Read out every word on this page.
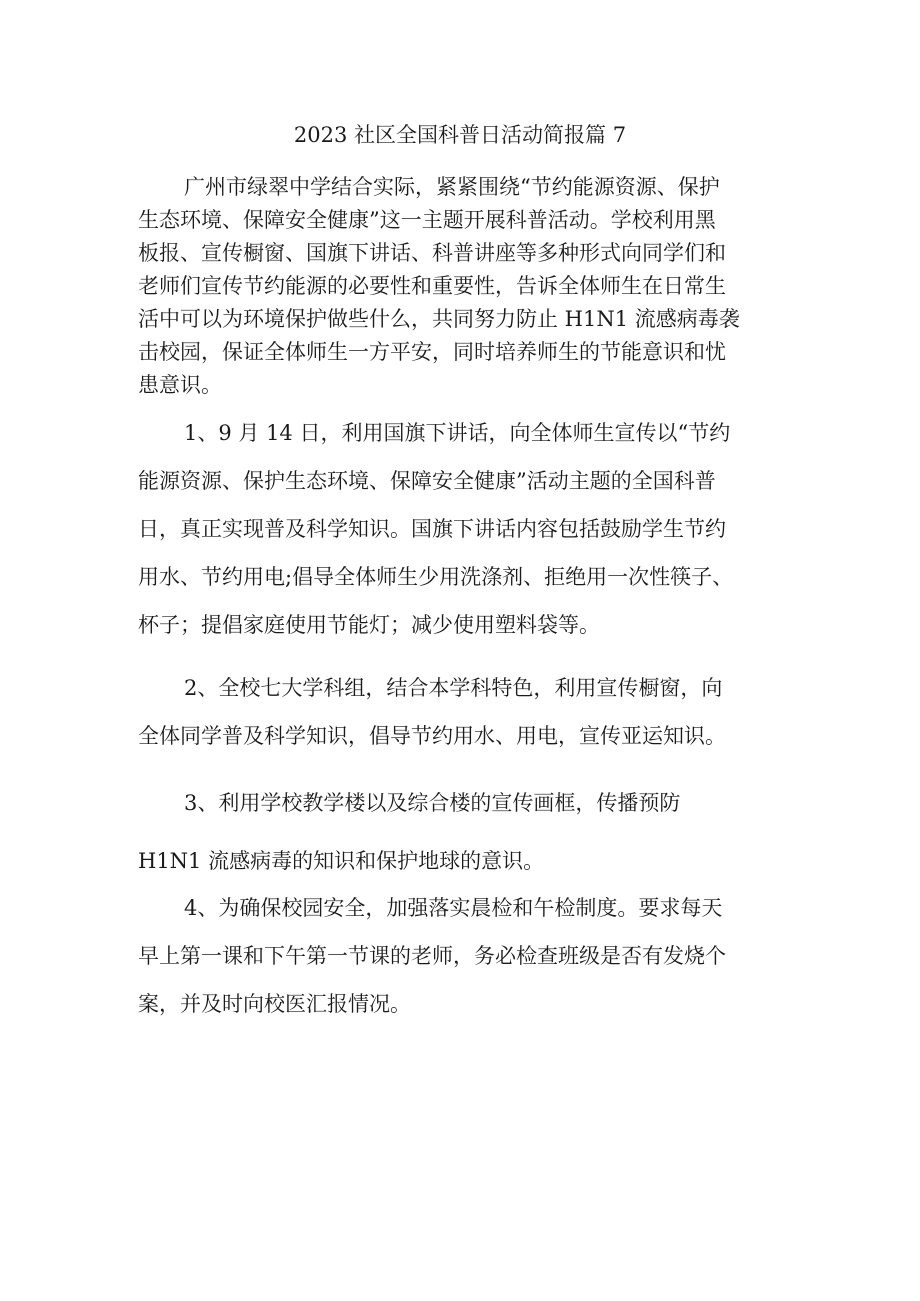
2023 社区全国科普日活动简报篇 7

广州市绿翠中学结合实际，紧紧围绕“节约能源资源、保护
生态环境、保障安全健康”这一主题开展科普活动。学校利用黑
板报、宣传橱窗、国旗下讲话、科普讲座等多种形式向同学们和
老师们宣传节约能源的必要性和重要性，告诉全体师生在日常生
活中可以为环境保护做些什么，共同努力防止 H1N1 流感病毒袭
击校园，保证全体师生一方平安，同时培养师生的节能意识和忧
患意识。

1、9 月 14 日，利用国旗下讲话，向全体师生宣传以“节约
能源资源、保护生态环境、保障安全健康”活动主题的全国科普
日，真正实现普及科学知识。国旗下讲话内容包括鼓励学生节约
用水、节约用电;倡导全体师生少用洗涤剂、拒绝用一次性筷子、
杯子；提倡家庭使用节能灯；减少使用塑料袋等。

2、全校七大学科组，结合本学科特色，利用宣传橱窗，向
全体同学普及科学知识，倡导节约用水、用电，宣传亚运知识。

3、利用学校教学楼以及综合楼的宣传画框，传播预防
H1N1 流感病毒的知识和保护地球的意识。

4、为确保校园安全，加强落实晨检和午检制度。要求每天
早上第一课和下午第一节课的老师，务必检查班级是否有发烧个
案，并及时向校医汇报情况。
